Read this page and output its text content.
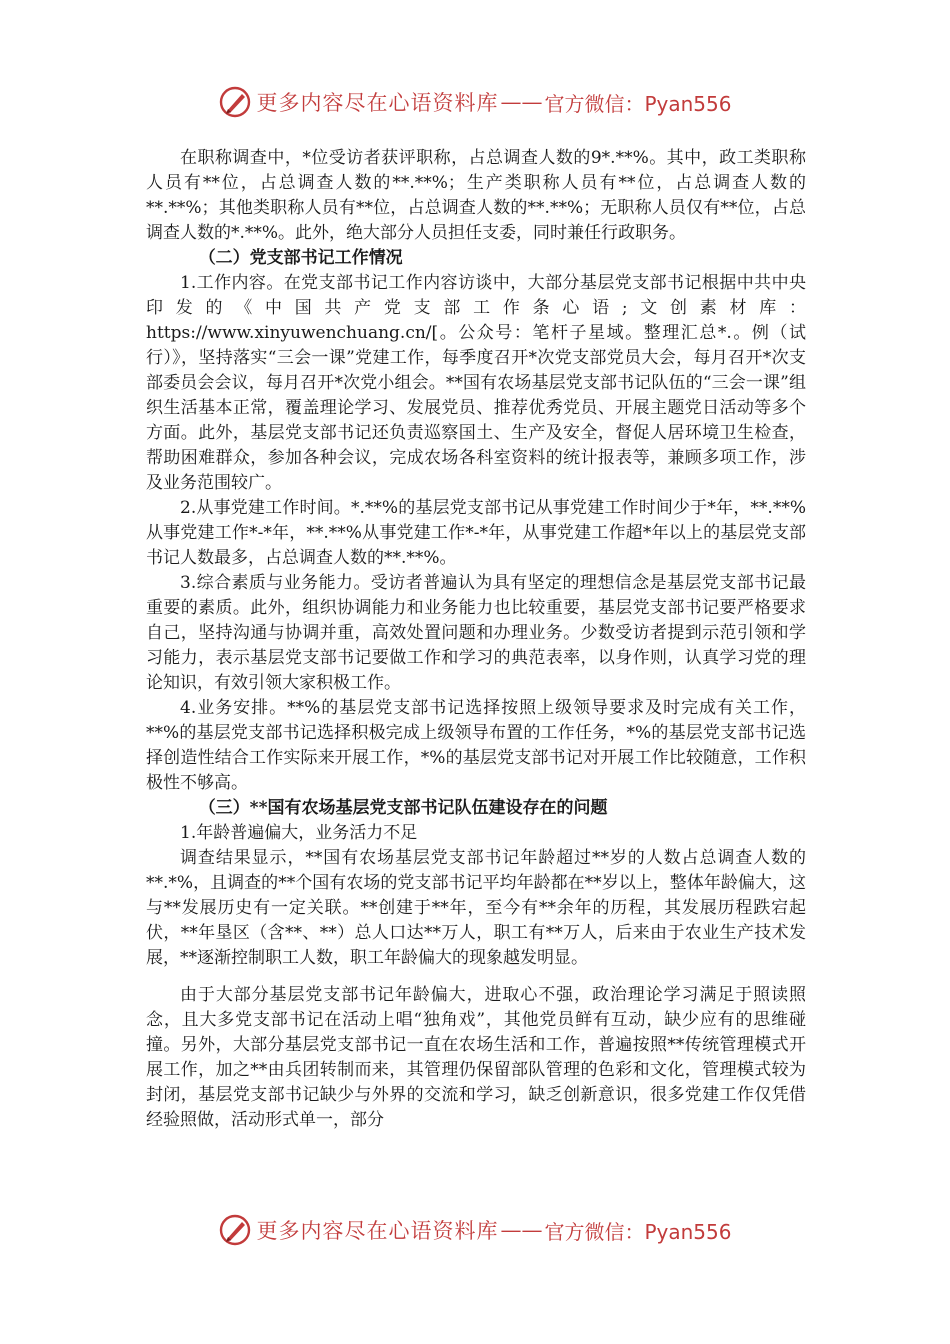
更多内容尽在心语资料库 —— 官方微信：Pyan556

在职称调查中，*位受访者获评职称，占总调查人数的9*.**%。其中，政工类职称人员有**位，占总调查人数的**.**%；生产类职称人员有**位，占总调查人数的**.**%；其他类职称人员有**位，占总调查人数的**.**%；无职称人员仅有**位，占总调查人数的*.**%。此外，绝大部分人员担任支委，同时兼任行政职务。

（二）党支部书记工作情况

1.工作内容。在党支部书记工作内容访谈中，大部分基层党支部书记根据中共中央印发的《中国共产党支部工作条心语;文创素材库：https://www.xinyuwenchuang.cn/[。公众号：笔杆子星域。整理汇总*.。例（试行）》，坚持落实“三会一课”党建工作，每季度召开*次党支部党员大会，每月召开*次支部委员会会议，每月召开*次党小组会。**国有农场基层党支部书记队伍的“三会一课”组织生活基本正常，覆盖理论学习、发展党员、推荐优秀党员、开展主题党日活动等多个方面。此外，基层党支部书记还负责巡察国土、生产及安全，督促人居环境卫生检查，帮助困难群众，参加各种会议，完成农场各科室资料的统计报表等，兼顾多项工作，涉及业务范围较广。

2.从事党建工作时间。*.**%的基层党支部书记从事党建工作时间少于*年，**.**%从事党建工作*-*年，**.**%从事党建工作*-*年，从事党建工作超*年以上的基层党支部书记人数最多，占总调查人数的**.**%。

3.综合素质与业务能力。受访者普遍认为具有坚定的理想信念是基层党支部书记最重要的素质。此外，组织协调能力和业务能力也比较重要，基层党支部书记要严格要求自己，坚持沟通与协调并重，高效处置问题和办理业务。少数受访者提到示范引领和学习能力，表示基层党支部书记要做工作和学习的典范表率，以身作则，认真学习党的理论知识，有效引领大家积极工作。

4.业务安排。**%的基层党支部书记选择按照上级领导要求及时完成有关工作，**%的基层党支部书记选择积极完成上级领导布置的工作任务，*%的基层党支部书记选择创造性结合工作实际来开展工作，*%的基层党支部书记对开展工作比较随意，工作积极性不够高。

（三）**国有农场基层党支部书记队伍建设存在的问题

1.年龄普遍偏大，业务活力不足

调查结果显示，**国有农场基层党支部书记年龄超过**岁的人数占总调查人数的**.*%，且调查的**个国有农场的党支部书记平均年龄都在**岁以上，整体年龄偏大，这与**发展历史有一定关联。**创建于**年，至今有**余年的历程，其发展历程跌宕起伏，**年垦区（含**、**）总人口达**万人，职工有**万人，后来由于农业生产技术发展，**逐渐控制职工人数，职工年龄偏大的现象越发明显。

由于大部分基层党支部书记年龄偏大，进取心不强，政治理论学习满足于照读照念，且大多党支部书记在活动上唱“独角戏”，其他党员鲜有互动，缺少应有的思维碰撞。另外，大部分基层党支部书记一直在农场生活和工作，普遍按照**传统管理模式开展工作，加之**由兵团转制而来，其管理仍保留部队管理的色彩和文化，管理模式较为封闭，基层党支部书记缺少与外界的交流和学习，缺乏创新意识，很多党建工作仅凭借经验照做，活动形式单一，部分

更多内容尽在心语资料库 —— 官方微信：Pyan556
